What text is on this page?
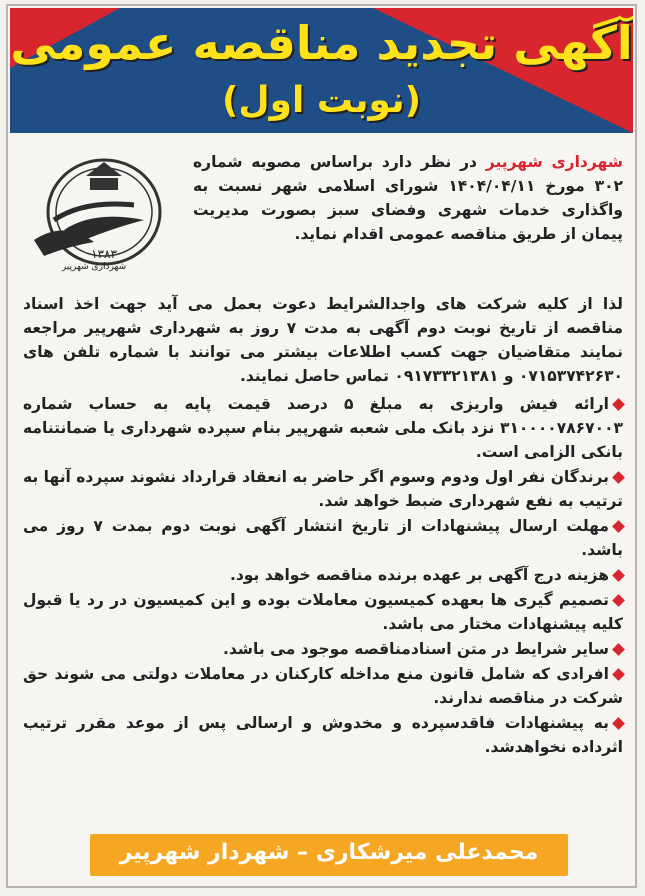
آگهی تجدید مناقصه عمومی
(نوبت اول)
۱۳۸۳
شهرداری شهرپیر
شهرداری شهرپیر در نظر دارد براساس مصوبه شماره ۳۰۲ مورخ ۱۴۰۴/۰۴/۱۱ شورای اسلامی شهر نسبت به واگذاری خدمات شهری وفضای سبز بصورت مدیریت پیمان از طریق مناقصه عمومی اقدام نماید.
لذا از کلیه شرکت های واجدالشرایط دعوت بعمل می آید جهت اخذ اسناد مناقصه از تاریخ نوبت دوم آگهی به مدت ۷ روز به شهرداری شهرپیر مراجعه نمایند متقاضیان جهت کسب اطلاعات بیشتر می توانند با شماره تلفن های ۰۷۱۵۳۷۴۲۶۳۰ و ۰۹۱۷۳۳۲۱۳۸۱ تماس حاصل نمایند.
ارائه فیش واریزی به مبلغ ۵ درصد قیمت پایه به حساب شماره ۳۱۰۰۰۰۷۸۶۷۰۰۳ نزد بانک ملی شعبه شهرپیر بنام سپرده شهرداری یا ضمانتنامه بانکی الزامی است.
برندگان نفر اول ودوم وسوم اگر حاضر به انعقاد قرارداد نشوند سپرده آنها به ترتیب به نفع شهرداری ضبط خواهد شد.
مهلت ارسال پیشنهادات از تاریخ انتشار آگهی نوبت دوم بمدت ۷ روز می باشد.
هزینه درج آگهی بر عهده برنده مناقصه خواهد بود.
تصمیم گیری ها بعهده کمیسیون معاملات بوده و این کمیسیون در رد یا قبول کلیه پیشنهادات مختار می باشد.
سایر شرایط در متن اسنادمناقصه موجود می باشد.
افرادی که شامل قانون منع مداخله کارکنان در معاملات دولتی می شوند حق شرکت در مناقصه ندارند.
به پیشنهادات فاقدسپرده و مخدوش و ارسالی پس از موعد مقرر ترتیب اثرداده نخواهدشد.
محمدعلی میرشکاری – شهردار شهرپیر
